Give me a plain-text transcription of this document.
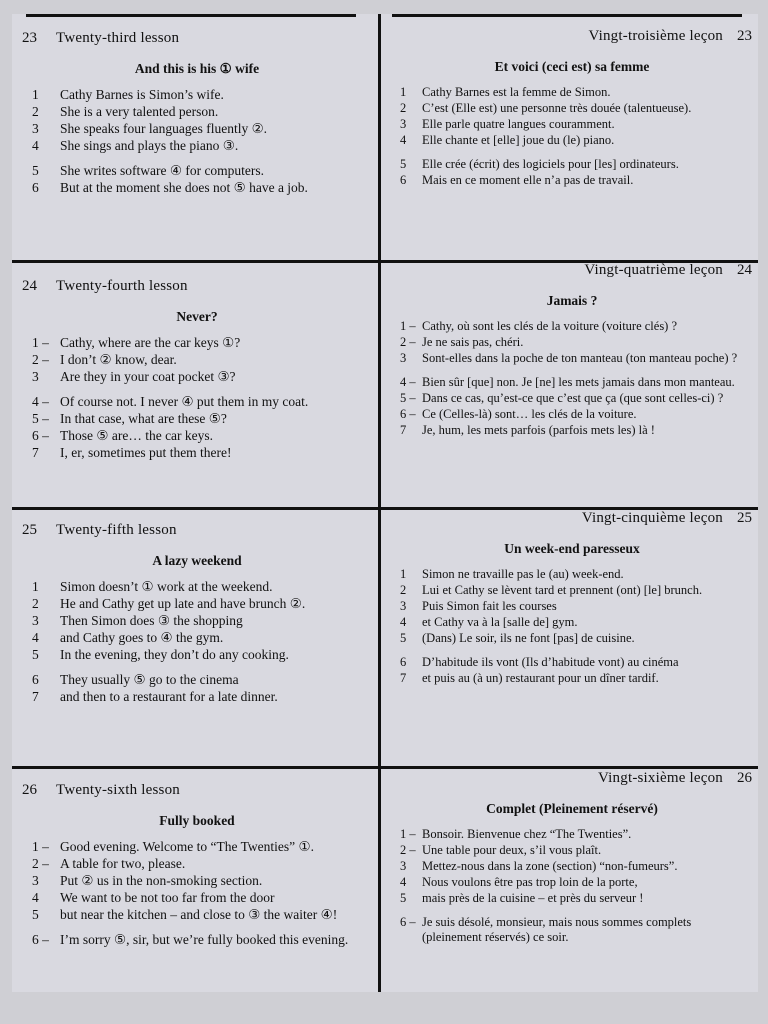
23	Twenty-third lesson
And this is his ① wife
1	Cathy Barnes is Simon’s wife.
2	She is a very talented person.
3	She speaks four languages fluently ②.
4	She sings and plays the piano ③.
5	She writes software ④ for computers.
6	But at the moment she does not ⑤ have a job.
Vingt-troisième leçon 23
Et voici (ceci est) sa femme
1	Cathy Barnes est la femme de Simon.
2	C’est (Elle est) une personne très douée (talentueuse).
3	Elle parle quatre langues couramment.
4	Elle chante et [elle] joue du (le) piano.
5	Elle crée (écrit) des logiciels pour [les] ordinateurs.
6	Mais en ce moment elle n’a pas de travail.
24	Twenty-fourth lesson
Never?
1 – Cathy, where are the car keys ①?
2 – I don’t ② know, dear.
3	Are they in your coat pocket ③?
4 – Of course not. I never ④ put them in my coat.
5 – In that case, what are these ⑤?
6 – Those ⑤ are… the car keys.
7	I, er, sometimes put them there!
Vingt-quatrième leçon 24
Jamais ?
1 – Cathy, où sont les clés de la voiture (voiture clés) ?
2 – Je ne sais pas, chéri.
3	Sont-elles dans la poche de ton manteau (ton manteau poche) ?
4 – Bien sûr [que] non. Je [ne] les mets jamais dans mon manteau.
5 – Dans ce cas, qu’est-ce que c’est que ça (que sont celles-ci) ?
6 – Ce (Celles-là) sont… les clés de la voiture.
7	Je, hum, les mets parfois (parfois mets les) là !
25	Twenty-fifth lesson
A lazy weekend
1	Simon doesn’t ① work at the weekend.
2	He and Cathy get up late and have brunch ②.
3	Then Simon does ③ the shopping
4	and Cathy goes to ④ the gym.
5	In the evening, they don’t do any cooking.
6	They usually ⑤ go to the cinema
7	and then to a restaurant for a late dinner.
Vingt-cinquième leçon 25
Un week-end paresseux
1	Simon ne travaille pas le (au) week-end.
2	Lui et Cathy se lèvent tard et prennent (ont) [le] brunch.
3	Puis Simon fait les courses
4	et Cathy va à la [salle de] gym.
5	(Dans) Le soir, ils ne font [pas] de cuisine.
6	D’habitude ils vont (Ils d’habitude vont) au cinéma
7	et puis au (à un) restaurant pour un dîner tardif.
26	Twenty-sixth lesson
Fully booked
1 – Good evening. Welcome to “The Twenties” ①.
2 – A table for two, please.
3	Put ② us in the non-smoking section.
4	We want to be not too far from the door
5	but near the kitchen – and close to ③ the waiter ④!
6 – I’m sorry ⑤, sir, but we’re fully booked this evening.
Vingt-sixième leçon 26
Complet (Pleinement réservé)
1 – Bonsoir. Bienvenue chez “The Twenties”.
2 – Une table pour deux, s’il vous plaît.
3	Mettez-nous dans la zone (section) “non-fumeurs”.
4	Nous voulons être pas trop loin de la porte,
5	mais près de la cuisine – et près du serveur !
6 – Je suis désolé, monsieur, mais nous sommes complets (pleinement réservés) ce soir.
